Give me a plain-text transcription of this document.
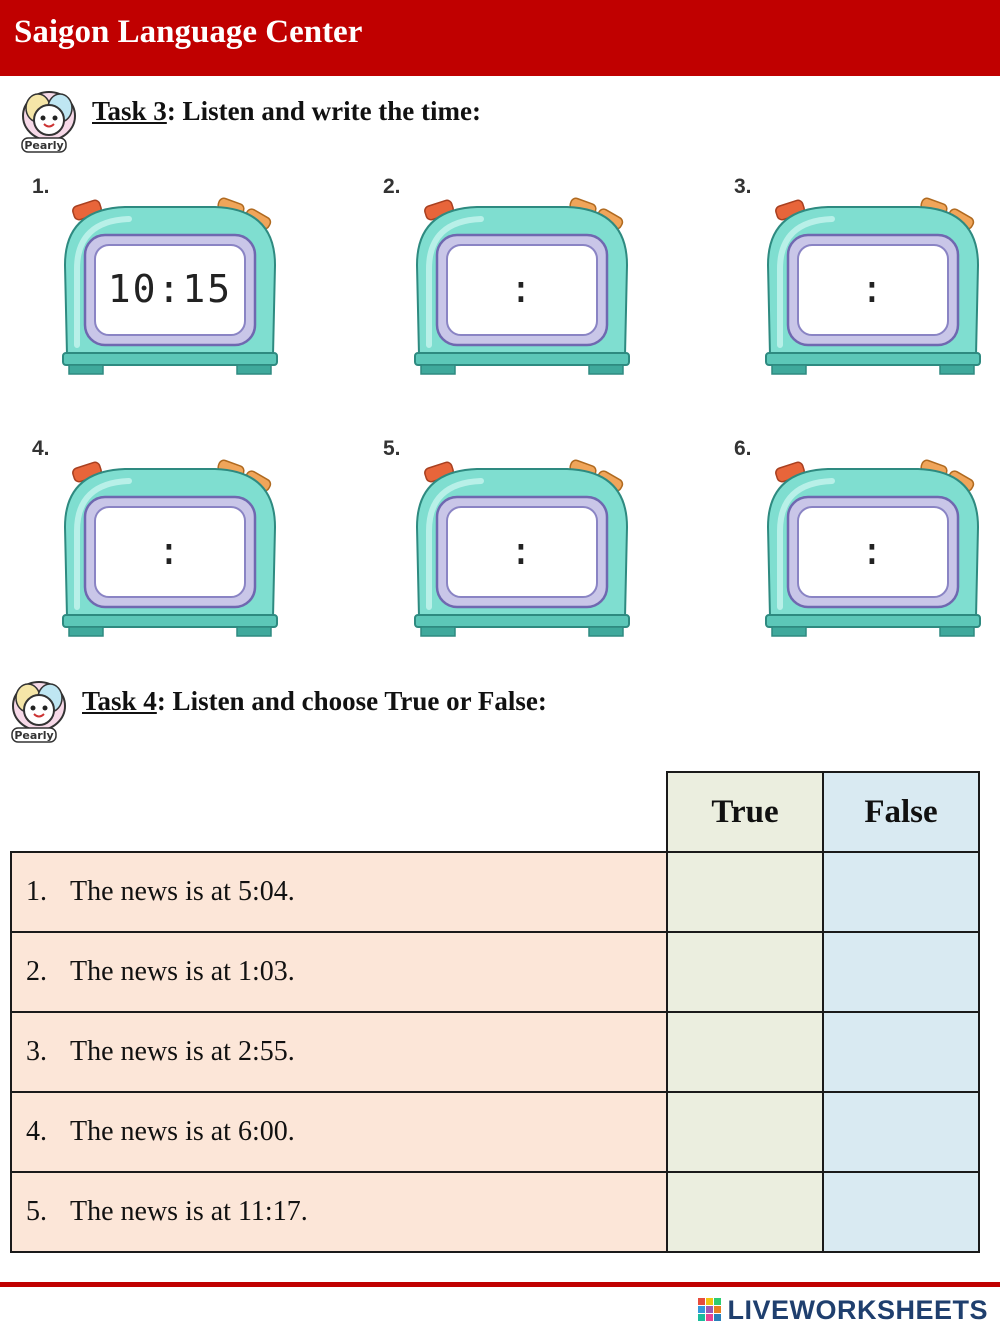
Saigon Language Center
Pearly
Task 3: Listen and write the time:
1.
10:15
2.
:
3.
:
4.
:
5.
:
6.
:
Pearly
Task 4: Listen and choose True or False:
	True	False
1. The news is at 5:04.		
2. The news is at 1:03.		
3. The news is at 2:55.		
4. The news is at 6:00.		
5. The news is at 11:17.		
LIVEWORKSHEETS
